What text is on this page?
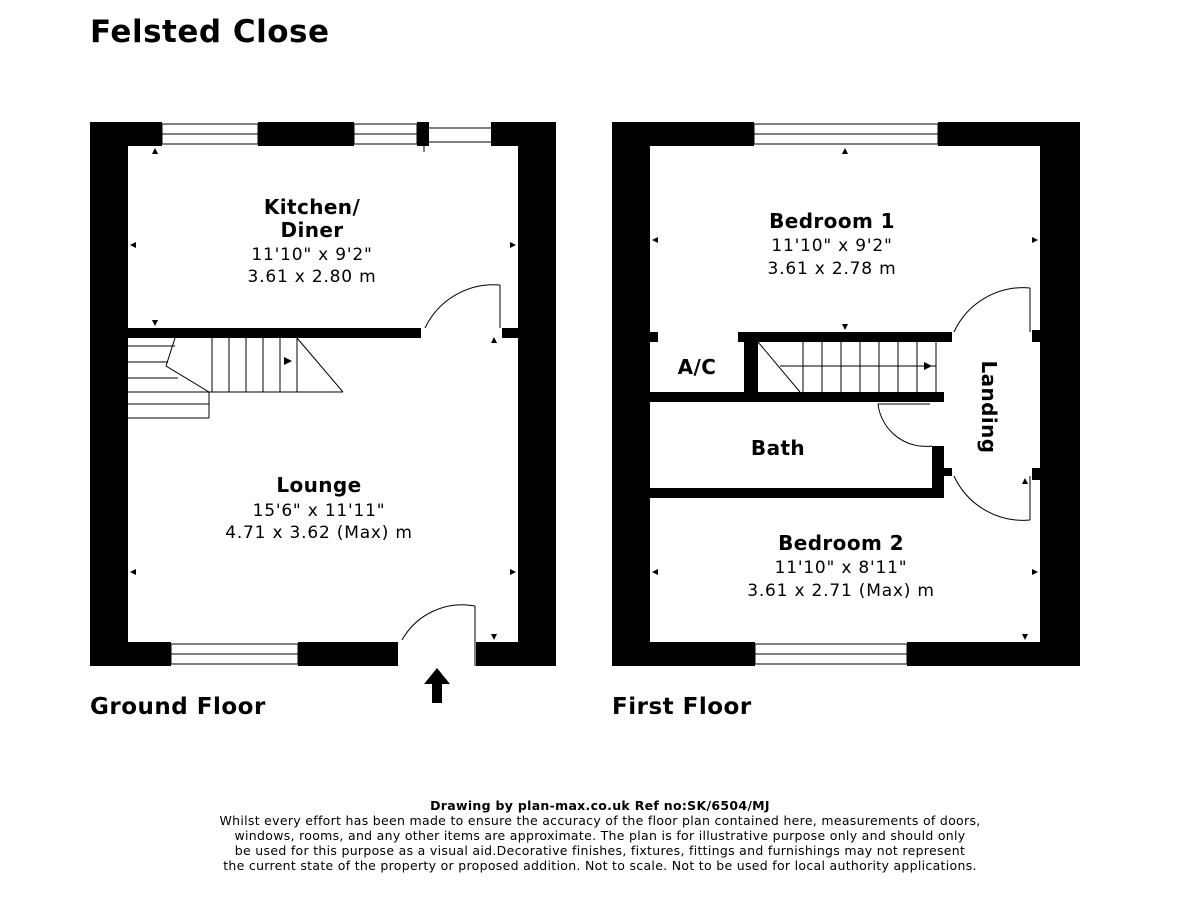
Felsted Close
Kitchen/
Diner
11'10" x 9'2"
3.61 x 2.80 m
Lounge
15'6" x 11'11"
4.71 x 3.62 (Max) m
Bedroom 1
11'10" x 9'2"
3.61 x 2.78 m
A/C
Bath	Landing
Bedroom 2
11'10" x 8'11"
3.61 x 2.71 (Max) m
Ground Floor	First Floor
Drawing by plan-max.co.uk Ref no:SK/6504/MJ
Whilst every effort has been made to ensure the accuracy of the floor plan contained here, measurements of doors,
windows, rooms, and any other items are approximate. The plan is for illustrative purpose only and should only
be used for this purpose as a visual aid.Decorative finishes, fixtures, fittings and furnishings may not represent
the current state of the property or proposed addition. Not to scale. Not to be used for local authority applications.
